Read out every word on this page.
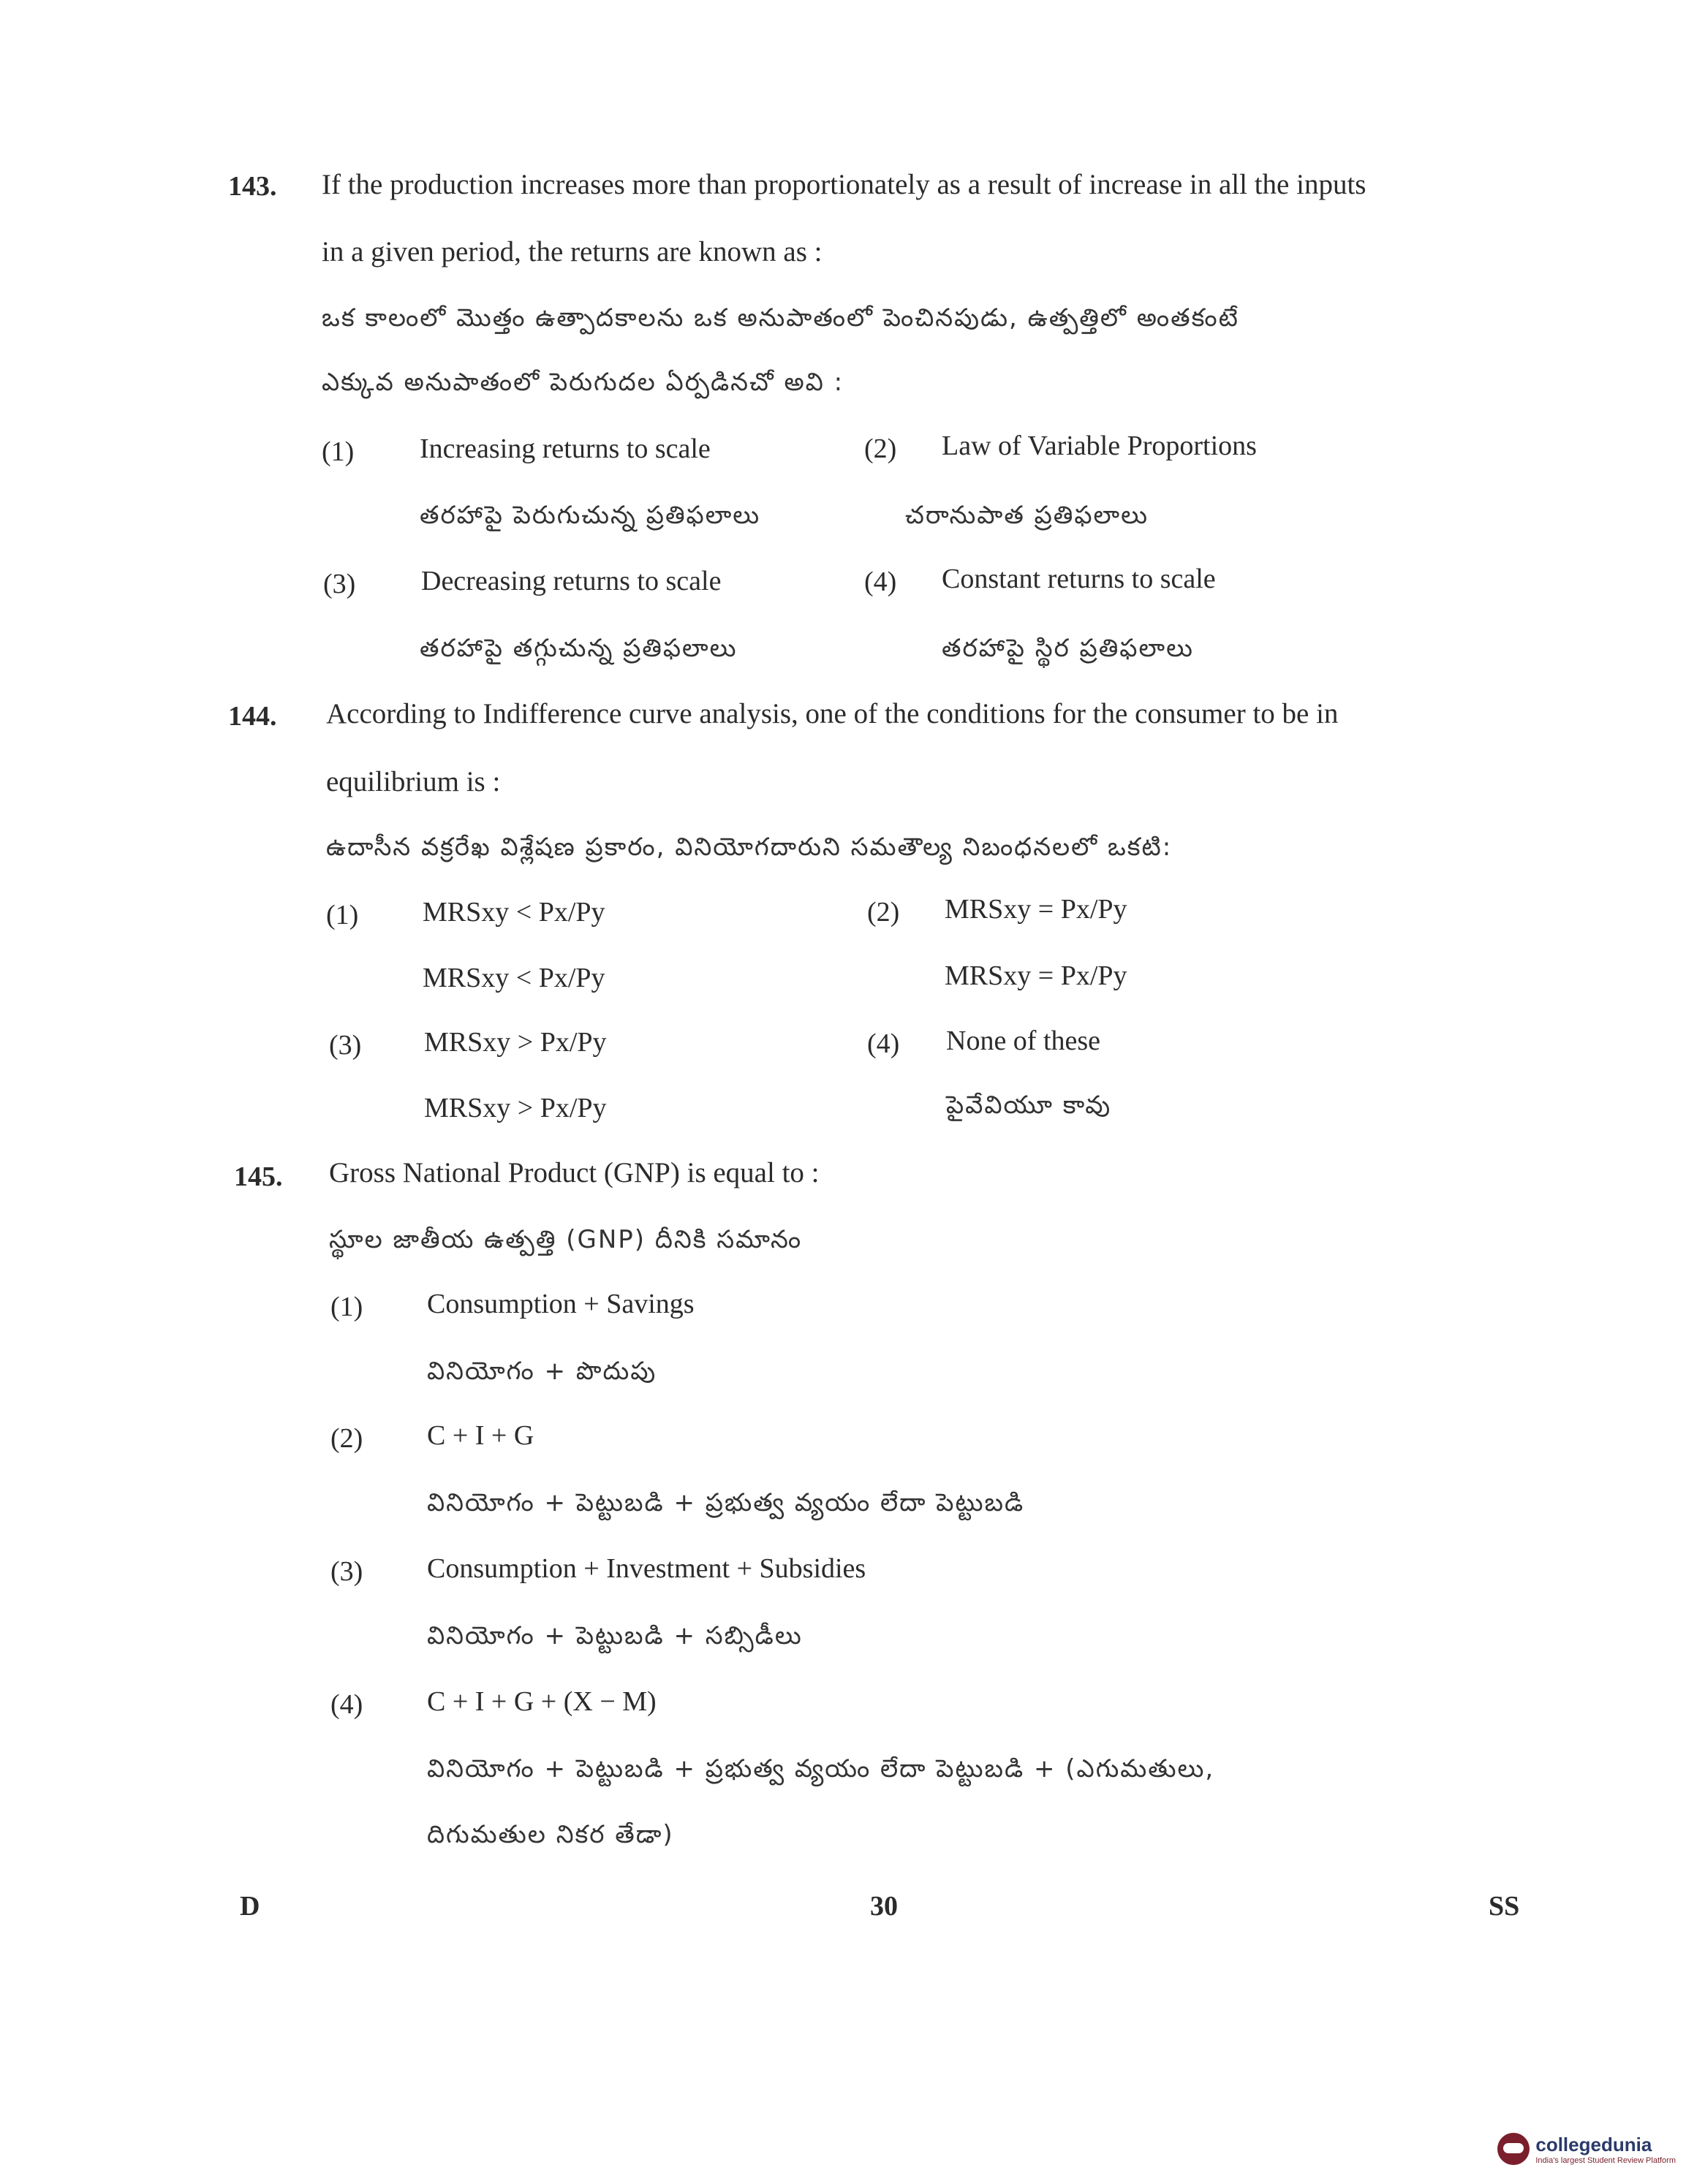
143. If the production increases more than proportionately as a result of increase in all the inputs
in a given period, the returns are known as :
ఒక కాలంలో మొత్తం ఉత్పాదకాలను ఒక అనుపాతంలో పెంచినపుడు, ఉత్పత్తిలో అంతకంటే
ఎక్కువ అనుపాతంలో పెరుగుదల ఏర్పడినచో అవి :
(1) Increasing returns to scale
తరహాపై పెరుగుచున్న ప్రతిఫలాలు
(2) Law of Variable Proportions
చరానుపాత ప్రతిఫలాలు
(3) Decreasing returns to scale
తరహాపై తగ్గుచున్న ప్రతిఫలాలు
(4) Constant returns to scale
తరహాపై స్థిర ప్రతిఫలాలు
144. According to Indifference curve analysis, one of the conditions for the consumer to be in
equilibrium is :
ఉదాసీన వక్రరేఖ విశ్లేషణ ప్రకారం, వినియోగదారుని సమతౌల్య నిబంధనలలో ఒకటి:
(1) MRSxy < Px/Py
MRSxy < Px/Py
(2) MRSxy = Px/Py
MRSxy = Px/Py
(3) MRSxy > Px/Py
MRSxy > Px/Py
(4) None of these
పైవేవియూ కావు
145. Gross National Product (GNP) is equal to :
స్థూల జాతీయ ఉత్పత్తి (GNP) దీనికి సమానం
(1) Consumption + Savings
వినియోగం + పొదుపు
(2) C + I + G
వినియోగం + పెట్టుబడి + ప్రభుత్వ వ్యయం లేదా పెట్టుబడి
(3) Consumption + Investment + Subsidies
వినియోగం + పెట్టుబడి + సబ్సిడీలు
(4) C + I + G + (X − M)
వినియోగం + పెట్టుబడి + ప్రభుత్వ వ్యయం లేదా పెట్టుబడి + (ఎగుమతులు,
దిగుమతుల నికర తేడా)
D	30	SS
collegedunia
India's largest Student Review Platform
